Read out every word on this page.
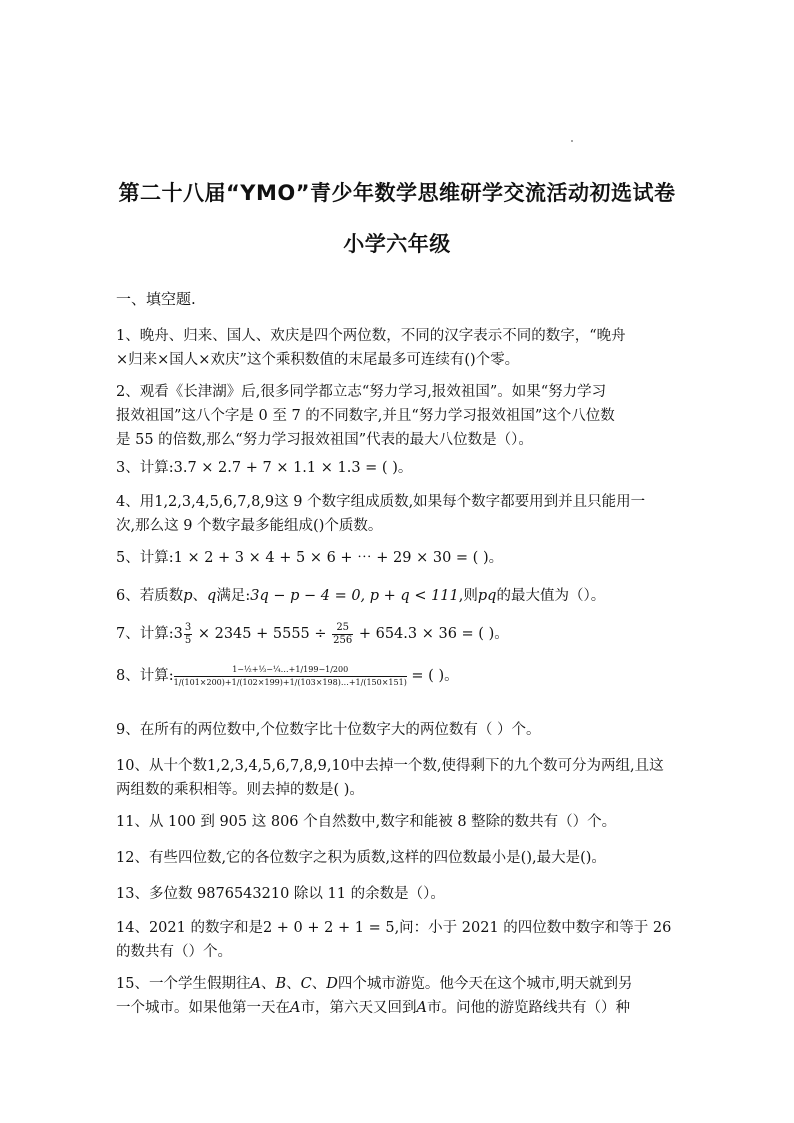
第二十八届“YMO”青少年数学思维研学交流活动初选试卷
小学六年级
一、填空题.
1、晚舟、归来、国人、欢庆是四个两位数，不同的汉字表示不同的数字，“晚舟
×归来×国人×欢庆”这个乘积数值的末尾最多可连续有()个零。
2、观看《长津湖》后,很多同学都立志“努力学习,报效祖国”。如果“努力学习
报效祖国”这八个字是 0 至 7 的不同数字,并且“努力学习报效祖国”这个八位数
是 55 的倍数,那么“努力学习报效祖国”代表的最大八位数是（）。
3、计算:3.7 × 2.7 + 7 × 1.1 × 1.3 = ( )。
4、用1,2,3,4,5,6,7,8,9这 9 个数字组成质数,如果每个数字都要用到并且只能用一
次,那么这 9 个数字最多能组成()个质数。
5、计算:1 × 2 + 3 × 4 + 5 × 6 + ⋯ + 29 × 30 = ( )。
6、若质数p、q满足:3q − p − 4 = 0, p + q < 111,则pq的最大值为（）。
7、计算:3 $\frac{3}{5} \times 2345 + 5555 \div \frac{25}{256} + 654.3 \times 36$ = ( )。
8、计算: $\frac{\text{1−½+⅓−¼…+1/199−1/200}}{1/(101\times 200)+1/(102\times 199)+1/(103\times 198)\dots+1/(150\times 151)}$ = ( )。
9、在所有的两位数中,个位数字比十位数字大的两位数有（ ）个。
10、从十个数1,2,3,4,5,6,7,8,9,10中去掉一个数,使得剩下的九个数可分为两组,且这
两组数的乘积相等。则去掉的数是( )。
11、从 100 到 905 这 806 个自然数中,数字和能被 8 整除的数共有（）个。
12、有些四位数,它的各位数字之积为质数,这样的四位数最小是(),最大是()。
13、多位数 9876543210 除以 11 的余数是（）。
14、2021 的数字和是2 + 0 + 2 + 1 = 5,问：小于 2021 的四位数中数字和等于 26
的数共有（）个。
15、一个学生假期往A、B、C、D四个城市游览。他今天在这个城市,明天就到另
一个城市。如果他第一天在A市，第六天又回到A市。问他的游览路线共有（）种
